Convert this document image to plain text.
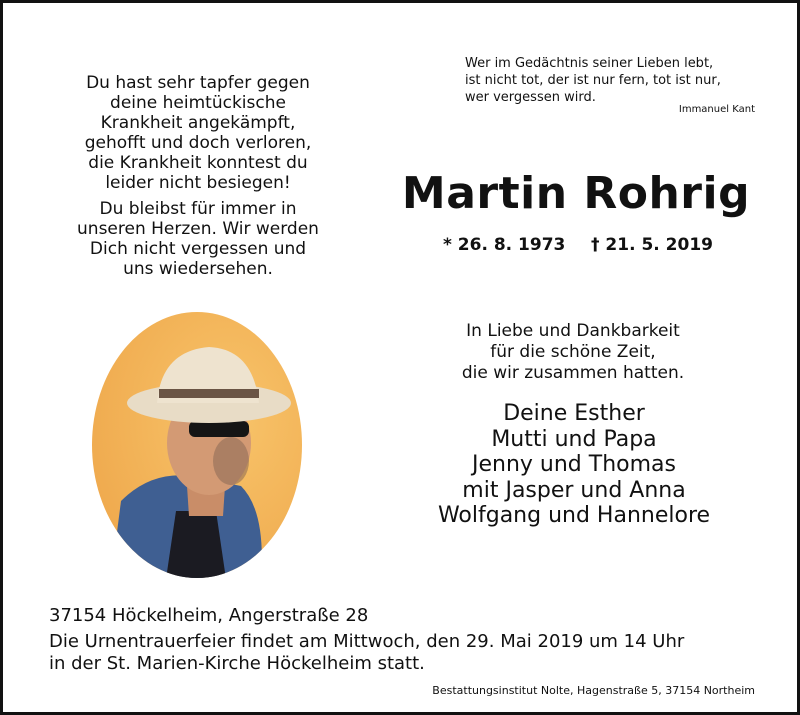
Du hast sehr tapfer gegen
deine heimtückische
Krankheit angekämpft,
gehofft und doch verloren,
die Krankheit konntest du
leider nicht besiegen!

Du bleibst für immer in
unseren Herzen. Wir werden
Dich nicht vergessen und
uns wiedersehen.

Wer im Gedächtnis seiner Lieben lebt,
ist nicht tot, der ist nur fern, tot ist nur,
wer vergessen wird.
Immanuel Kant
Martin Rohrig
* 26. 8. 1973 † 21. 5. 2019

In Liebe und Dankbarkeit

für die schöne Zeit,

die wir zusammen hatten.

Deine Esther

Mutti und Papa

Jenny und Thomas

mit Jasper und Anna

Wolfgang und Hannelore

37154 Höckelheim, Angerstraße 28

Die Urnentrauerfeier findet am Mittwoch, den 29. Mai 2019 um 14 Uhr

in der St. Marien-Kirche Höckelheim statt.

Bestattungsinstitut Nolte, Hagenstraße 5, 37154 Northeim
